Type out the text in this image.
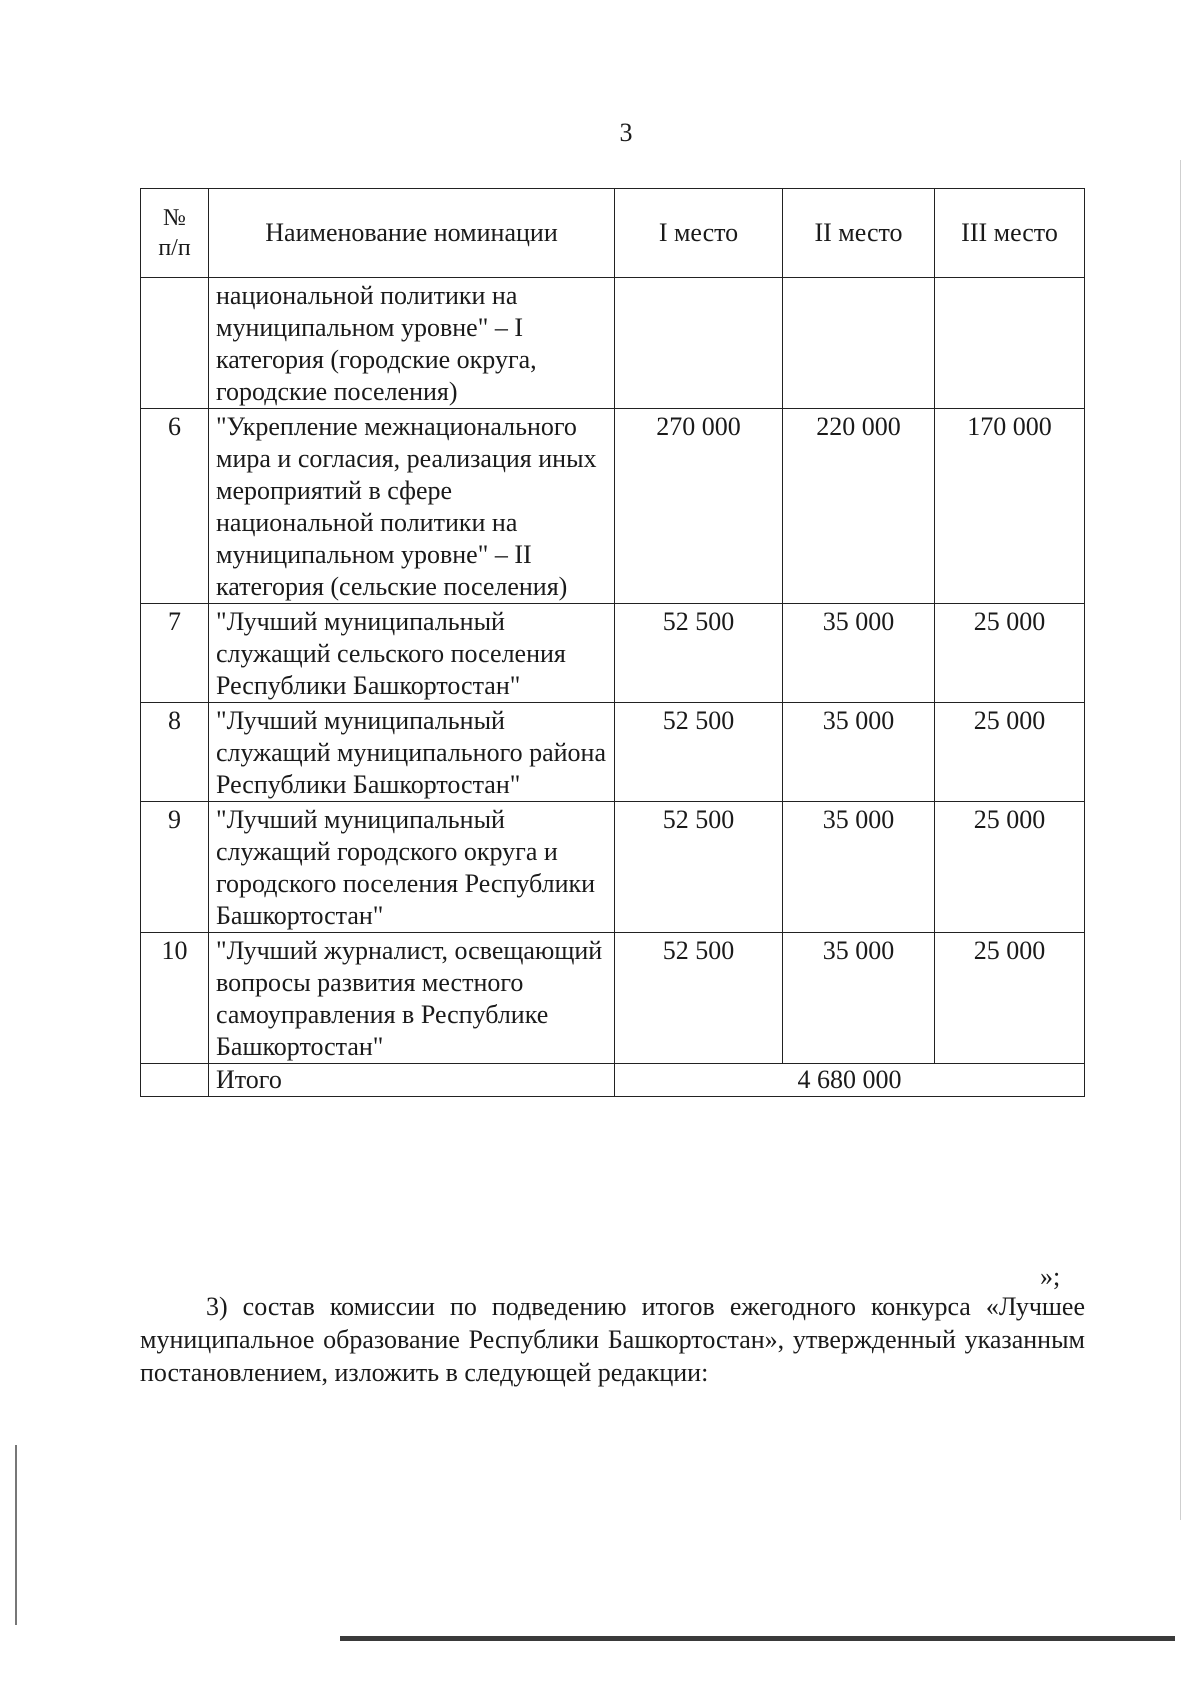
3
№
п/п	Наименование номинации	I место	II место	III место
	национальной политики на муниципальном уровне" – I категория (городские округа, городские поселения)			
6	"Укрепление межнационального мира и согласия, реализация иных мероприятий в сфере национальной политики на муниципальном уровне" – II категория (сельские поселения)	270 000	220 000	170 000
7	"Лучший муниципальный служащий сельского поселения Республики Башкортостан"	52 500	35 000	25 000
8	"Лучший муниципальный служащий муниципального района Республики Башкортостан"	52 500	35 000	25 000
9	"Лучший муниципальный служащий городского округа и городского поселения Республики Башкортостан"	52 500	35 000	25 000
10	"Лучший журналист, освещающий вопросы развития местного самоуправления в Республике Башкортостан"	52 500	35 000	25 000
	Итого	4 680 000		
»;

3) состав комиссии по подведению итогов ежегодного конкурса «Лучшее муниципальное образование Республики Башкортостан», утвержденный указанным постановлением, изложить в следующей редакции:
